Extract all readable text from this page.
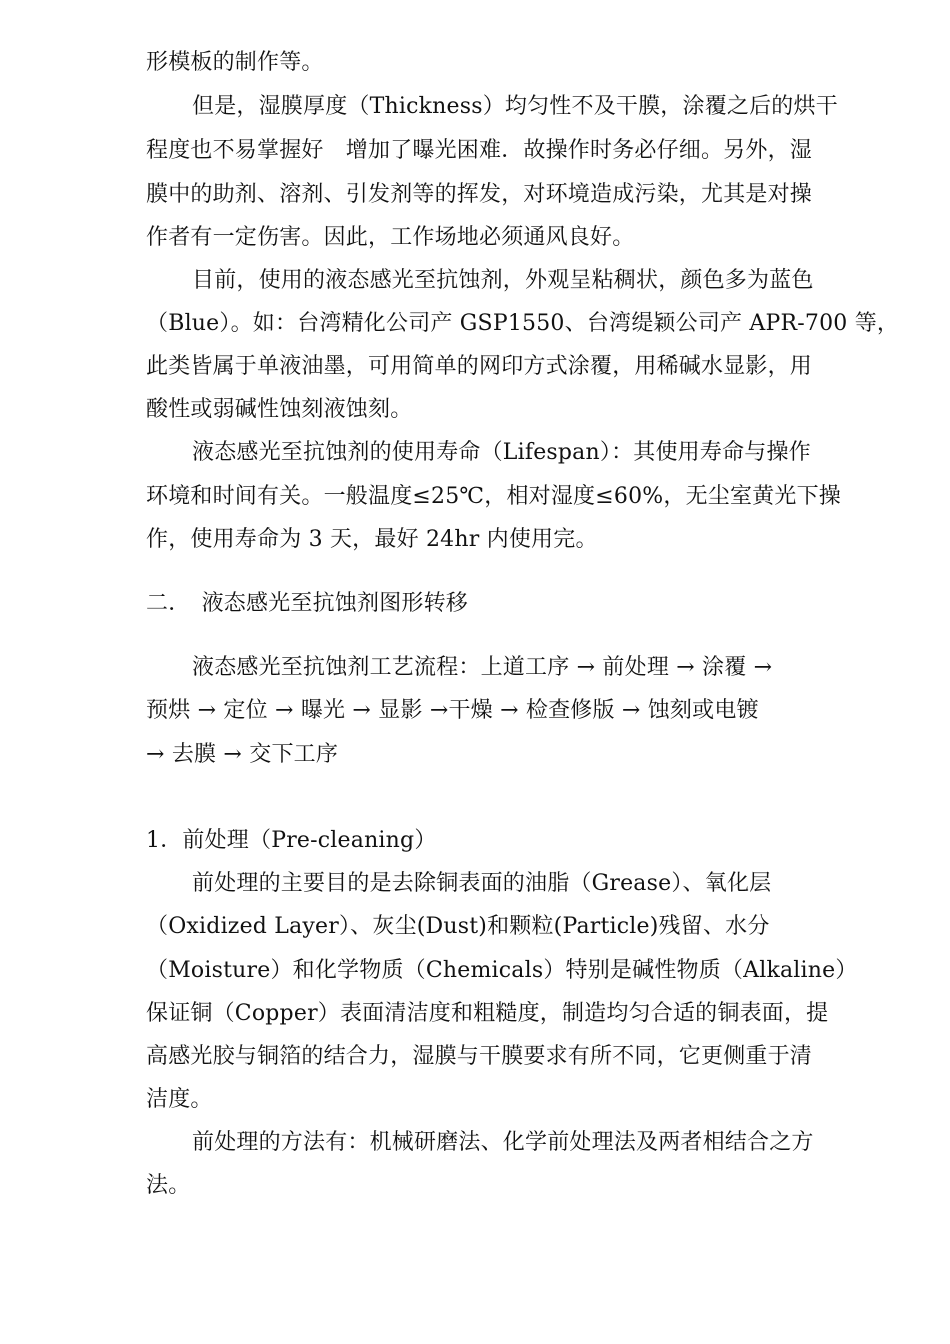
形模板的制作等。

但是，湿膜厚度（Thickness）均匀性不及干膜，涂覆之后的烘干

程度也不易掌握好　增加了曝光困难．故操作时务必仔细。另外，湿

膜中的助剂、溶剂、引发剂等的挥发，对环境造成污染，尤其是对操

作者有一定伤害。因此，工作场地必须通风良好。

目前，使用的液态感光至抗蚀剂，外观呈粘稠状，颜色多为蓝色

（Blue）。如：台湾精化公司产 GSP1550、台湾缇颖公司产 APR-700 等，

此类皆属于单液油墨，可用简单的网印方式涂覆，用稀碱水显影，用

酸性或弱碱性蚀刻液蚀刻。

液态感光至抗蚀剂的使用寿命（Lifespan）：其使用寿命与操作

环境和时间有关。一般温度≤25℃，相对湿度≤60%，无尘室黄光下操

作，使用寿命为 3 天，最好 24hr 内使用完。

二．　液态感光至抗蚀剂图形转移

液态感光至抗蚀剂工艺流程：上道工序 → 前处理 → 涂覆 →

预烘 → 定位 → 曝光 → 显影 →干燥 → 检查修版 → 蚀刻或电镀

→ 去膜 → 交下工序

1．前处理（Pre-cleaning）

前处理的主要目的是去除铜表面的油脂（Grease）、氧化层

（Oxidized Layer）、灰尘(Dust)和颗粒(Particle)残留、水分

（Moisture）和化学物质（Chemicals）特别是碱性物质（Alkaline）

保证铜（Copper）表面清洁度和粗糙度，制造均匀合适的铜表面，提

高感光胶与铜箔的结合力，湿膜与干膜要求有所不同，它更侧重于清

洁度。

前处理的方法有：机械研磨法、化学前处理法及两者相结合之方

法。
